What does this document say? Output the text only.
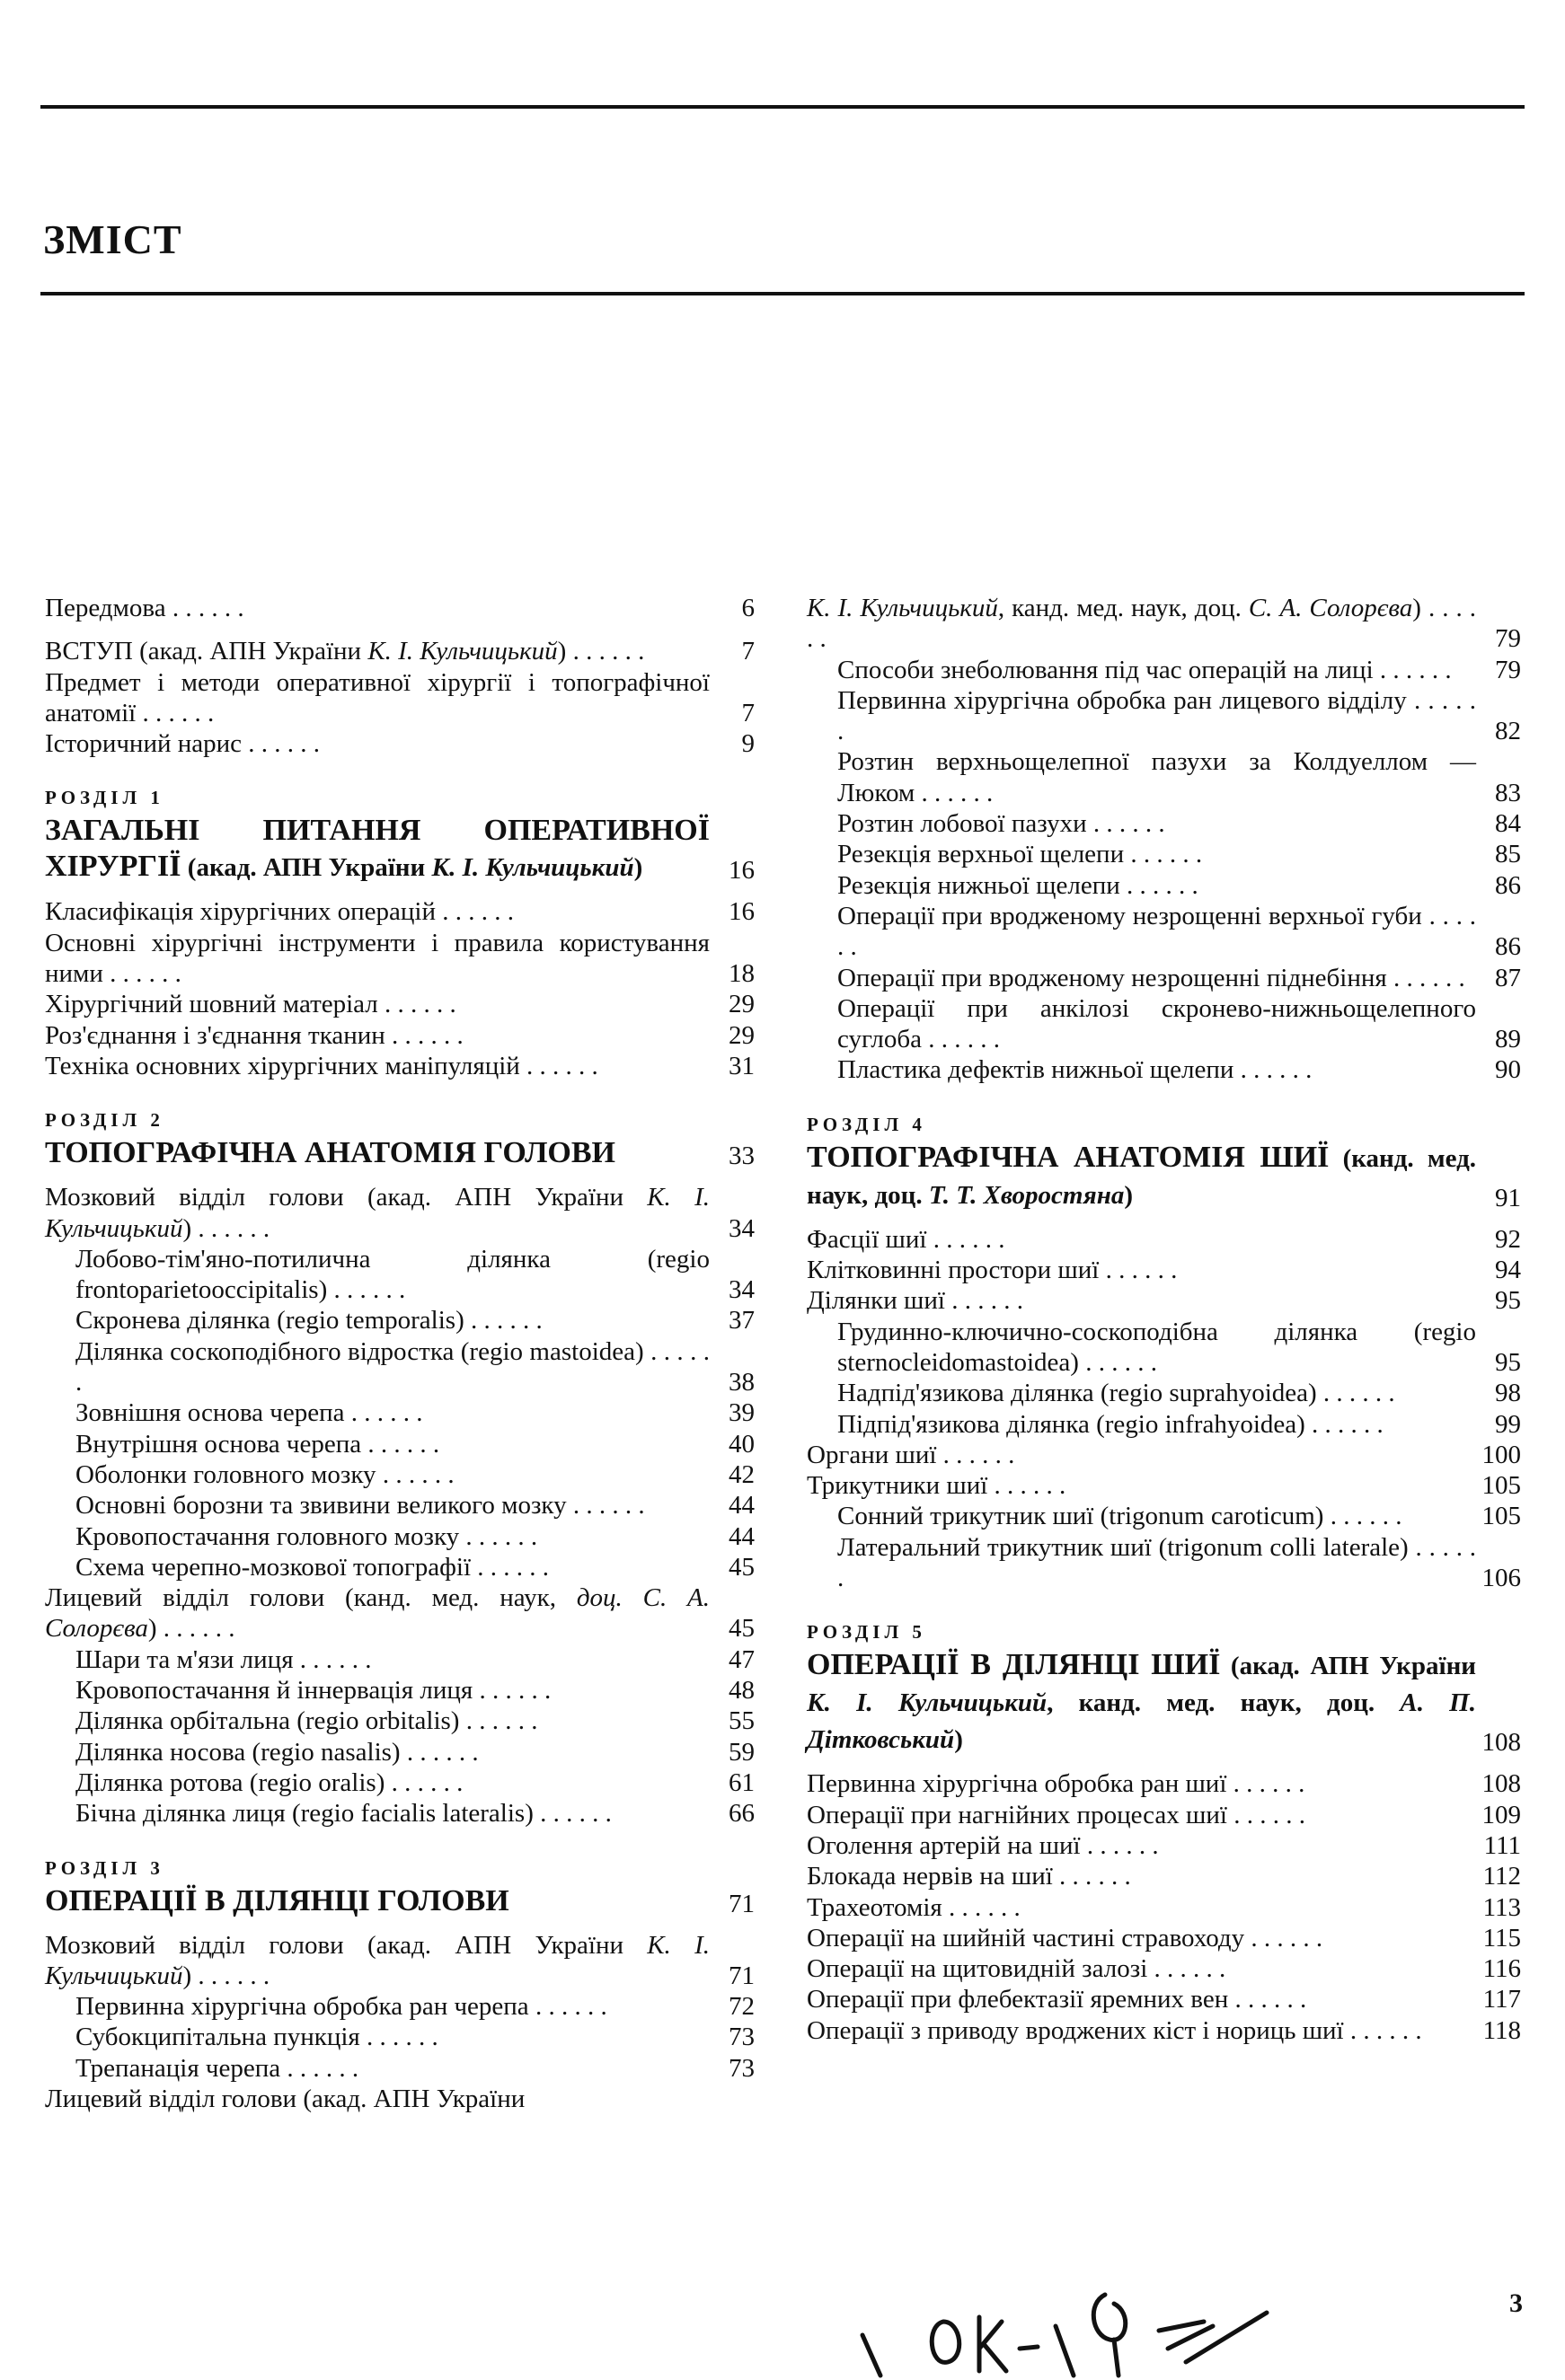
ЗМІСТ
Передмова . . . . . .	6
ВСТУП (акад. АПН України К. І. Кульчицький) . . . . . .	7
Предмет і методи оперативної хірургії і топографічної анатомії . . . . . .	7
Історичний нарис . . . . . .	9
РОЗДІЛ 1
ЗАГАЛЬНІ ПИТАННЯ ОПЕРАТИВНОЇ ХІРУРГІЇ (акад. АПН України К. І. Кульчицький)	16
Класифікація хірургічних операцій . . . . . .	16
Основні хірургічні інструменти і правила користування ними . . . . . .	18
Хірургічний шовний матеріал . . . . . .	29
Роз'єднання і з'єднання тканин . . . . . .	29
Техніка основних хірургічних маніпуляцій . . . . . .	31
РОЗДІЛ 2
ТОПОГРАФІЧНА АНАТОМІЯ ГОЛОВИ	33
Мозковий відділ голови (акад. АПН України К. І. Кульчицький) . . . . . .	34
Лобово-тім'яно-потилична ділянка (regio frontoparietooccipitalis) . . . . . .	34
Скронева ділянка (regio temporalis) . . . . . .	37
Ділянка соскоподібного відростка (regio mastoidea) . . . . . .	38
Зовнішня основа черепа . . . . . .	39
Внутрішня основа черепа . . . . . .	40
Оболонки головного мозку . . . . . .	42
Основні борозни та звивини великого мозку . . . . . .	44
Кровопостачання головного мозку . . . . . .	44
Схема черепно-мозкової топографії . . . . . .	45
Лицевий відділ голови (канд. мед. наук, доц. С. А. Солорєва) . . . . . .	45
Шари та м'язи лиця . . . . . .	47
Кровопостачання й іннервація лиця . . . . . .	48
Ділянка орбітальна (regio orbitalis) . . . . . .	55
Ділянка носова (regio nasalis) . . . . . .	59
Ділянка ротова (regio oralis) . . . . . .	61
Бічна ділянка лиця (regio facialis lateralis) . . . . . .	66
РОЗДІЛ 3
ОПЕРАЦІЇ В ДІЛЯНЦІ ГОЛОВИ	71
Мозковий відділ голови (акад. АПН України К. І. Кульчицький) . . . . . .	71
Первинна хірургічна обробка ран черепа . . . . . .	72
Субокципітальна пункція . . . . . .	73
Трепанація черепа . . . . . .	73
Лицевий відділ голови (акад. АПН України
К. І. Кульчицький, канд. мед. наук, доц. С. А. Солорєва) . . . . . .	79
Способи знеболювання під час операцій на лиці . . . . . .	79
Первинна хірургічна обробка ран лицевого відділу . . . . . .	82
Розтин верхньощелепної пазухи за Колдуеллом — Люком . . . . . .	83
Розтин лобової пазухи . . . . . .	84
Резекція верхньої щелепи . . . . . .	85
Резекція нижньої щелепи . . . . . .	86
Операції при вродженому незрощенні верхньої губи . . . . . .	86
Операції при вродженому незрощенні піднебіння . . . . . .	87
Операції при анкілозі скронево-нижньощелепного суглоба . . . . . .	89
Пластика дефектів нижньої щелепи . . . . . .	90
РОЗДІЛ 4
ТОПОГРАФІЧНА АНАТОМІЯ ШИЇ (канд. мед. наук, доц. Т. Т. Хворостяна)	91
Фасції шиї . . . . . .	92
Клітковинні простори шиї . . . . . .	94
Ділянки шиї . . . . . .	95
Грудинно-ключично-соскоподібна ділянка (regio sternocleidomastoidea) . . . . . .	95
Надпід'язикова ділянка (regio suprahyoidea) . . . . . .	98
Підпід'язикова ділянка (regio infrahyoidea) . . . . . .	99
Органи шиї . . . . . .	100
Трикутники шиї . . . . . .	105
Сонний трикутник шиї (trigonum caroticum) . . . . . .	105
Латеральний трикутник шиї (trigonum colli laterale) . . . . . .	106
РОЗДІЛ 5
ОПЕРАЦІЇ В ДІЛЯНЦІ ШИЇ (акад. АПН України К. І. Кульчицький, канд. мед. наук, доц. А. П. Дітковський)	108
Первинна хірургічна обробка ран шиї . . . . . .	108
Операції при нагнійних процесах шиї . . . . . .	109
Оголення артерій на шиї . . . . . .	111
Блокада нервів на шиї . . . . . .	112
Трахеотомія . . . . . .	113
Операції на шийній частині стравоходу . . . . . .	115
Операції на щитовидній залозі . . . . . .	116
Операції при флебектазії яремних вен . . . . . .	117
Операції з приводу вроджених кіст і нориць шиї . . . . . .	118
3
